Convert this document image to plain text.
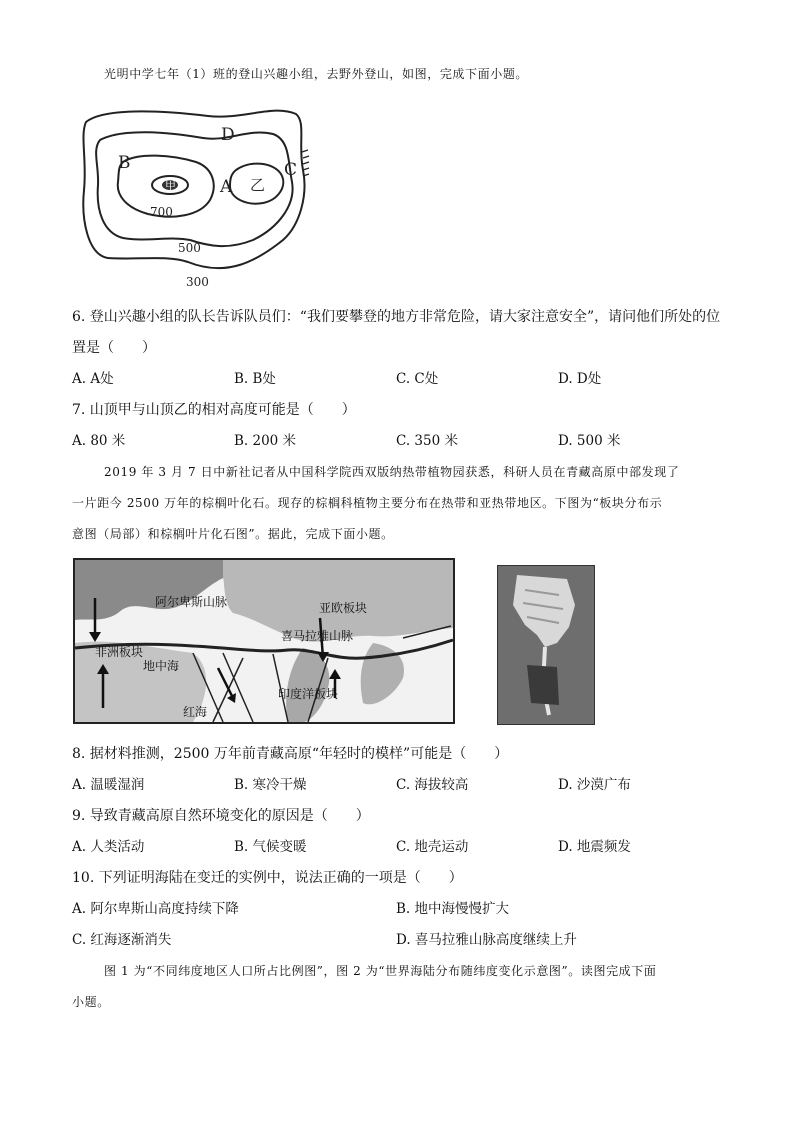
光明中学七年（1）班的登山兴趣小组，去野外登山，如图，完成下面小题。
甲	乙
A
B	C
D
700
500
300
6. 登山兴趣小组的队长告诉队员们：“我们要攀登的地方非常危险，请大家注意安全”，请问他们所处的位
置是（　　）
A. A处	B. B处	C. C处	D. D处
7. 山顶甲与山顶乙的相对高度可能是（　　）
A. 80 米	B. 200 米	C. 350 米	D. 500 米
2019 年 3 月 7 日中新社记者从中国科学院西双版纳热带植物园获悉，科研人员在青藏高原中部发现了
一片距今 2500 万年的棕榈叶化石。现存的棕榈科植物主要分布在热带和亚热带地区。下图为“板块分布示
意图（局部）和棕榈叶片化石图”。据此，完成下面小题。
阿尔卑斯山脉	亚欧板块
喜马拉雅山脉
非洲板块
地中海
印度洋板块
红海
8. 据材料推测，2500 万年前青藏高原“年轻时的模样”可能是（　　）
A. 温暖湿润	B. 寒冷干燥	C. 海拔较高	D. 沙漠广布
9. 导致青藏高原自然环境变化的原因是（　　）
A. 人类活动	B. 气候变暖	C. 地壳运动	D. 地震频发
10. 下列证明海陆在变迁的实例中，说法正确的一项是（　　）
A. 阿尔卑斯山高度持续下降	B. 地中海慢慢扩大
C. 红海逐渐消失	D. 喜马拉雅山脉高度继续上升
图 1 为“不同纬度地区人口所占比例图”，图 2 为“世界海陆分布随纬度变化示意图”。读图完成下面
小题。
